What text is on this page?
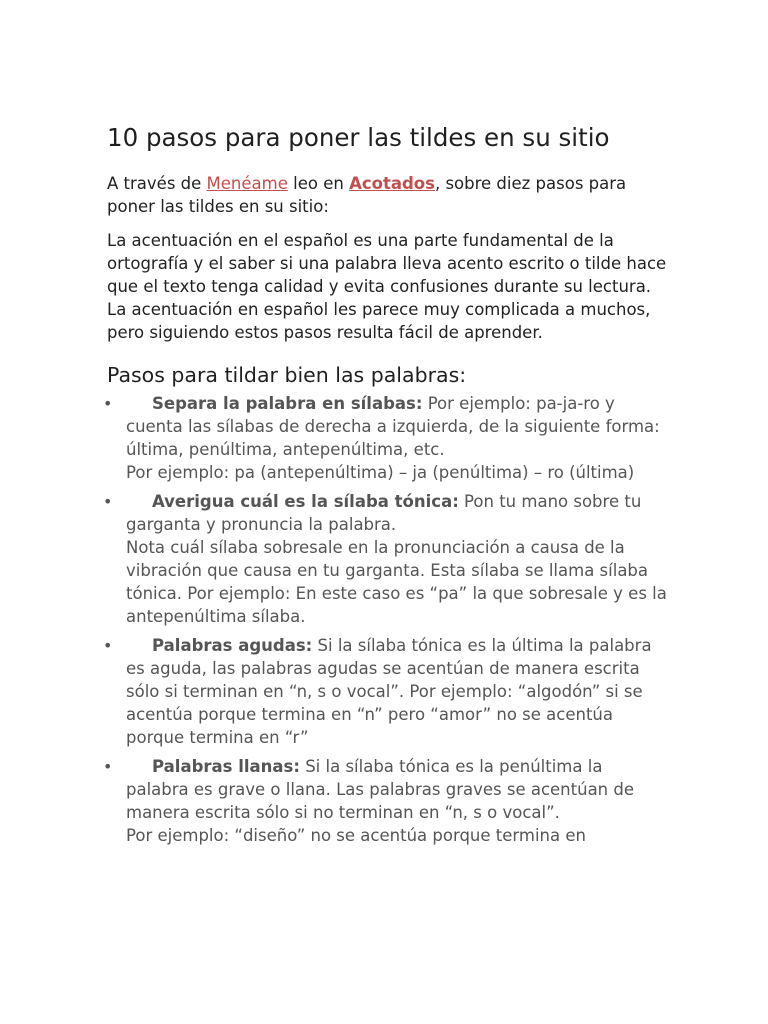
10 pasos para poner las tildes en su sitio

A través de Menéame leo en Acotados, sobre diez pasos para poner las tildes en su sitio:

La acentuación en el español es una parte fundamental de la ortografía y el saber si una palabra lleva acento escrito o tilde hace que el texto tenga calidad y evita confusiones durante su lectura. La acentuación en español les parece muy complicada a muchos, pero siguiendo estos pasos resulta fácil de aprender.

Pasos para tildar bien las palabras:
• Separa la palabra en sílabas: Por ejemplo: pa-ja-ro y cuenta las sílabas de derecha a izquierda, de la siguiente forma: última, penúltima, antepenúltima, etc.
Por ejemplo: pa (antepenúltima) – ja (penúltima) – ro (última)
• Averigua cuál es la sílaba tónica: Pon tu mano sobre tu garganta y pronuncia la palabra.
Nota cuál sílaba sobresale en la pronunciación a causa de la vibración que causa en tu garganta. Esta sílaba se llama sílaba tónica. Por ejemplo: En este caso es “pa” la que sobresale y es la antepenúltima sílaba.
• Palabras agudas: Si la sílaba tónica es la última la palabra es aguda, las palabras agudas se acentúan de manera escrita sólo si terminan en “n, s o vocal”. Por ejemplo: “algodón” si se acentúa porque termina en “n” pero “amor” no se acentúa porque termina en “r”
• Palabras llanas: Si la sílaba tónica es la penúltima la palabra es grave o llana. Las palabras graves se acentúan de manera escrita sólo si no terminan en “n, s o vocal”.
Por ejemplo: “diseño” no se acentúa porque termina en
